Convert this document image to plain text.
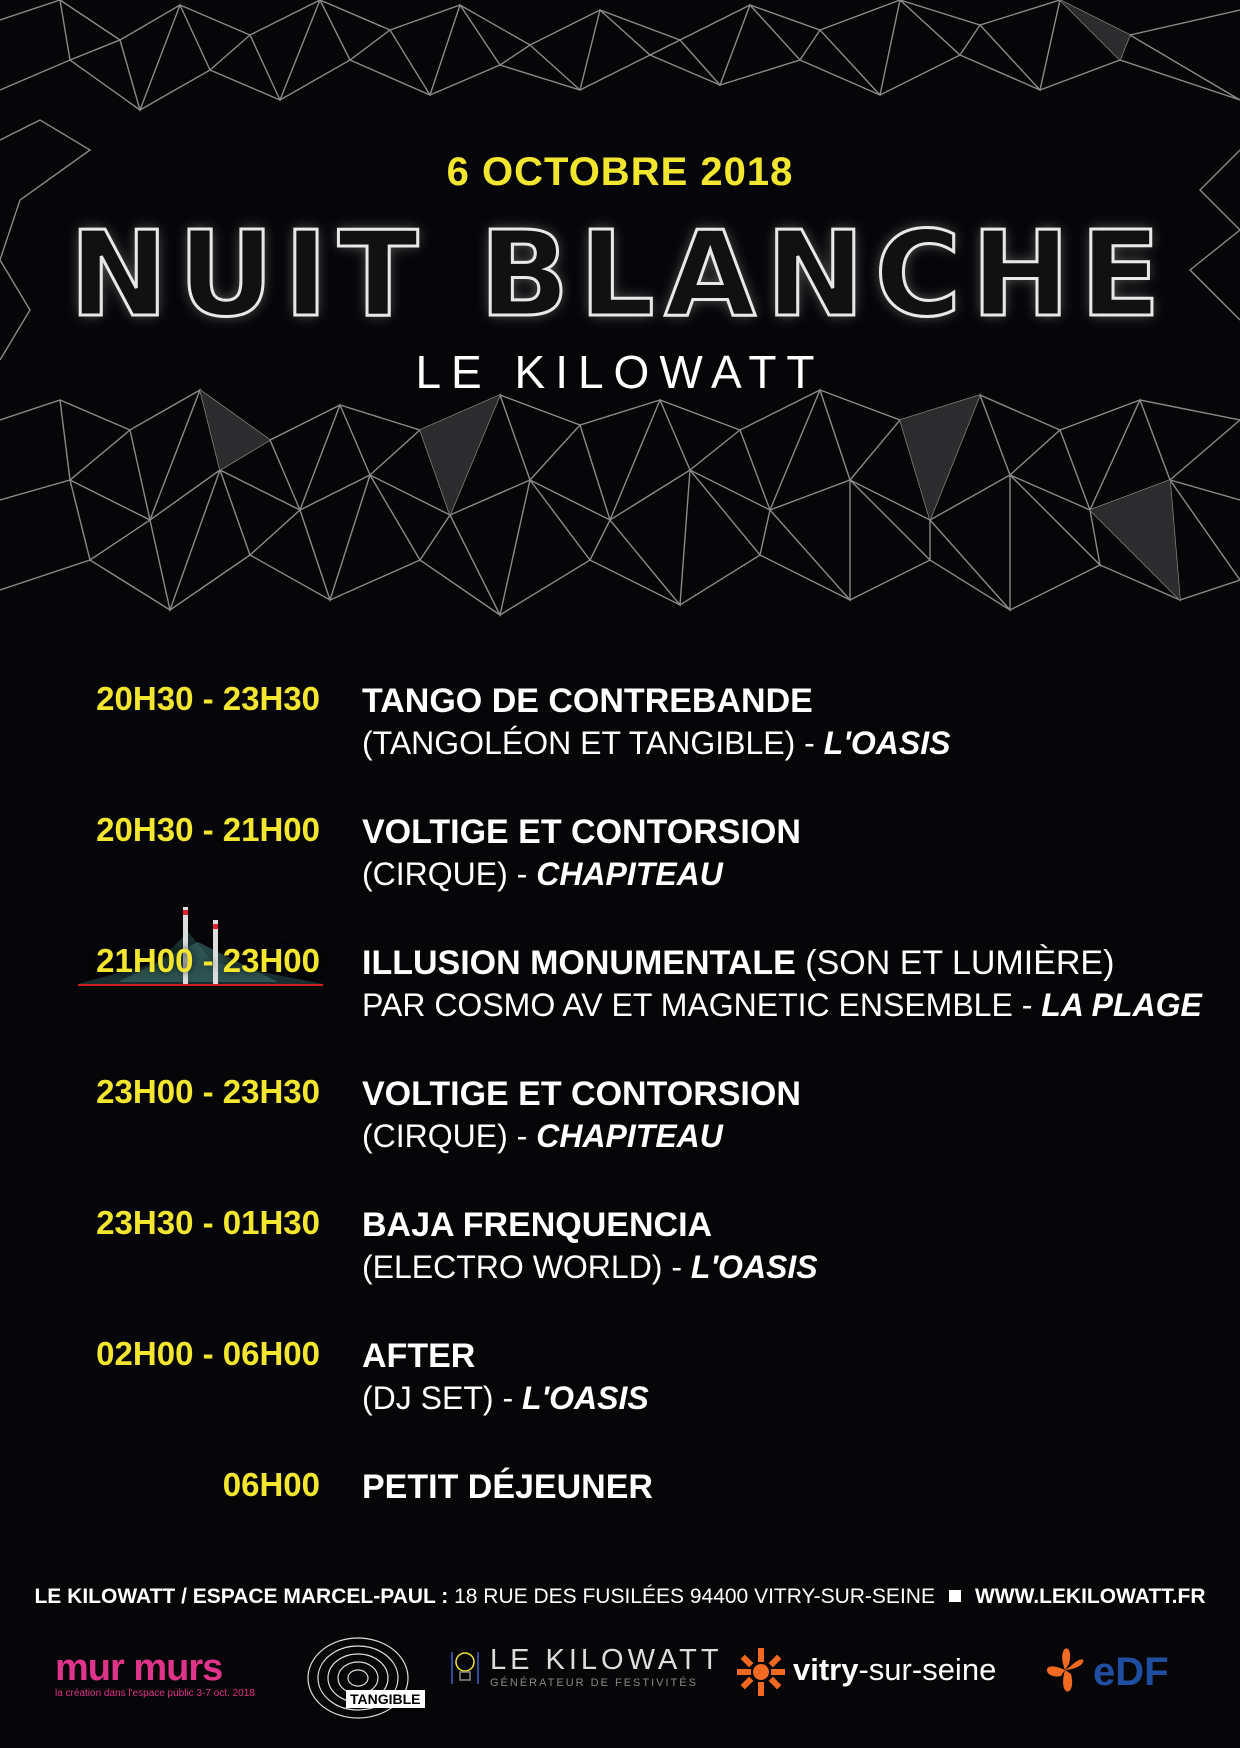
6 OCTOBRE 2018
NUIT BLANCHE
LE KILOWATT
20H30 - 23H30 TANGO DE CONTREBANDE
(TANGOLÉON ET TANGIBLE) - L'OASIS
20H30 - 21H00 VOLTIGE ET CONTORSION
(CIRQUE) - CHAPITEAU
21H00 - 23H00 ILLUSION MONUMENTALE (SON ET LUMIÈRE)
PAR COSMO AV ET MAGNETIC ENSEMBLE - LA PLAGE
23H00 - 23H30 VOLTIGE ET CONTORSION
(CIRQUE) - CHAPITEAU
23H30 - 01H30 BAJA FRENQUENCIA
(ELECTRO WORLD) - L'OASIS
02H00 - 06H00 AFTER
(DJ SET) - L'OASIS
06H00 PETIT DÉJEUNER
LE KILOWATT / ESPACE MARCEL-PAUL : 18 RUE DES FUSILÉES 94400 VITRY-SUR-SEINE WWW.LEKILOWATT.FR
mur murs
la création dans l'espace public 3-7 oct. 2018	TANGIBLE
LE KILOWATT
GÉNÉRATEUR DE FESTIVITÉS	vitry-sur-seine eDF
